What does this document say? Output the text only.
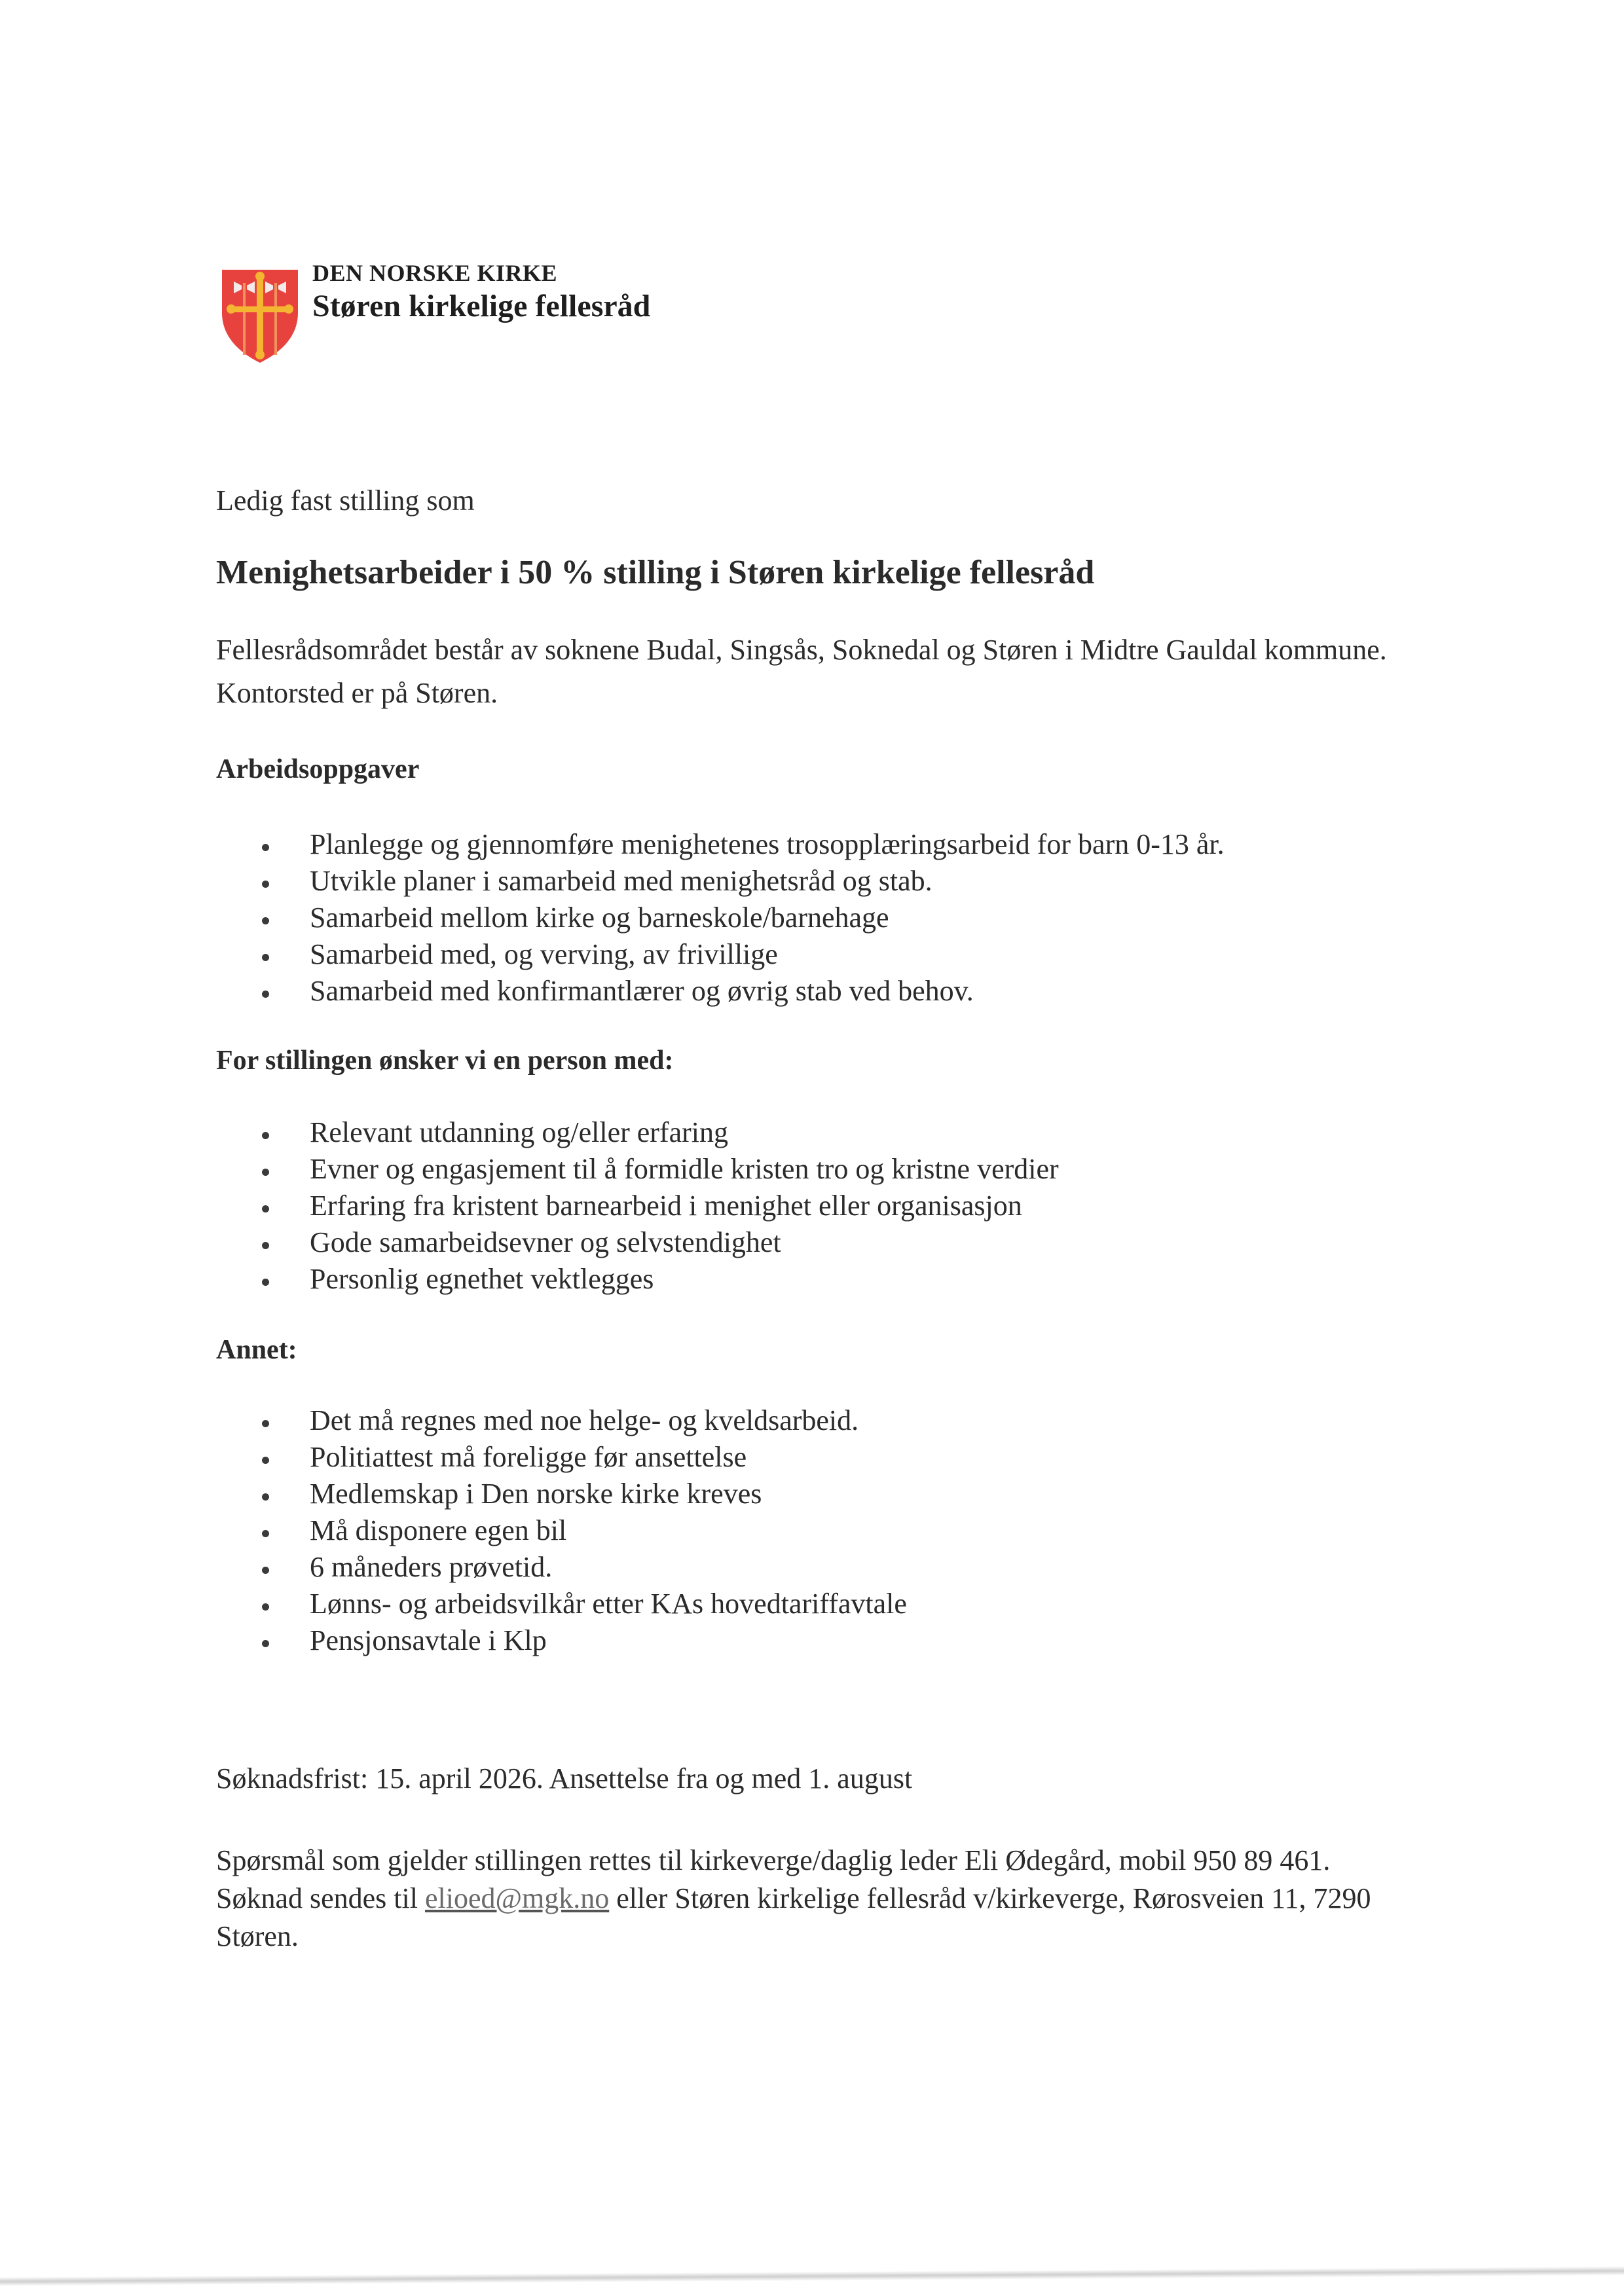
DEN NORSKE KIRKE
Støren kirkelige fellesråd
Ledig fast stilling som
Menighetsarbeider i 50 % stilling i Støren kirkelige fellesråd
Fellesrådsområdet består av soknene Budal, Singsås, Soknedal og Støren i Midtre Gauldal kommune. Kontorsted er på Støren.
Arbeidsoppgaver
Planlegge og gjennomføre menighetenes trosopplæringsarbeid for barn 0-13 år.
Utvikle planer i samarbeid med menighetsråd og stab.
Samarbeid mellom kirke og barneskole/barnehage
Samarbeid med, og verving, av frivillige
Samarbeid med konfirmantlærer og øvrig stab ved behov.
For stillingen ønsker vi en person med:
Relevant utdanning og/eller erfaring
Evner og engasjement til å formidle kristen tro og kristne verdier
Erfaring fra kristent barnearbeid i menighet eller organisasjon
Gode samarbeidsevner og selvstendighet
Personlig egnethet vektlegges
Annet:
Det må regnes med noe helge- og kveldsarbeid.
Politiattest må foreligge før ansettelse
Medlemskap i Den norske kirke kreves
Må disponere egen bil
6 måneders prøvetid.
Lønns- og arbeidsvilkår etter KAs hovedtariffavtale
Pensjonsavtale i Klp
Søknadsfrist: 15. april 2026. Ansettelse fra og med 1. august
Spørsmål som gjelder stillingen rettes til kirkeverge/daglig leder Eli Ødegård, mobil 950 89 461. Søknad sendes til elioed@mgk.no eller Støren kirkelige fellesråd v/kirkeverge, Rørosveien 11, 7290 Støren.
